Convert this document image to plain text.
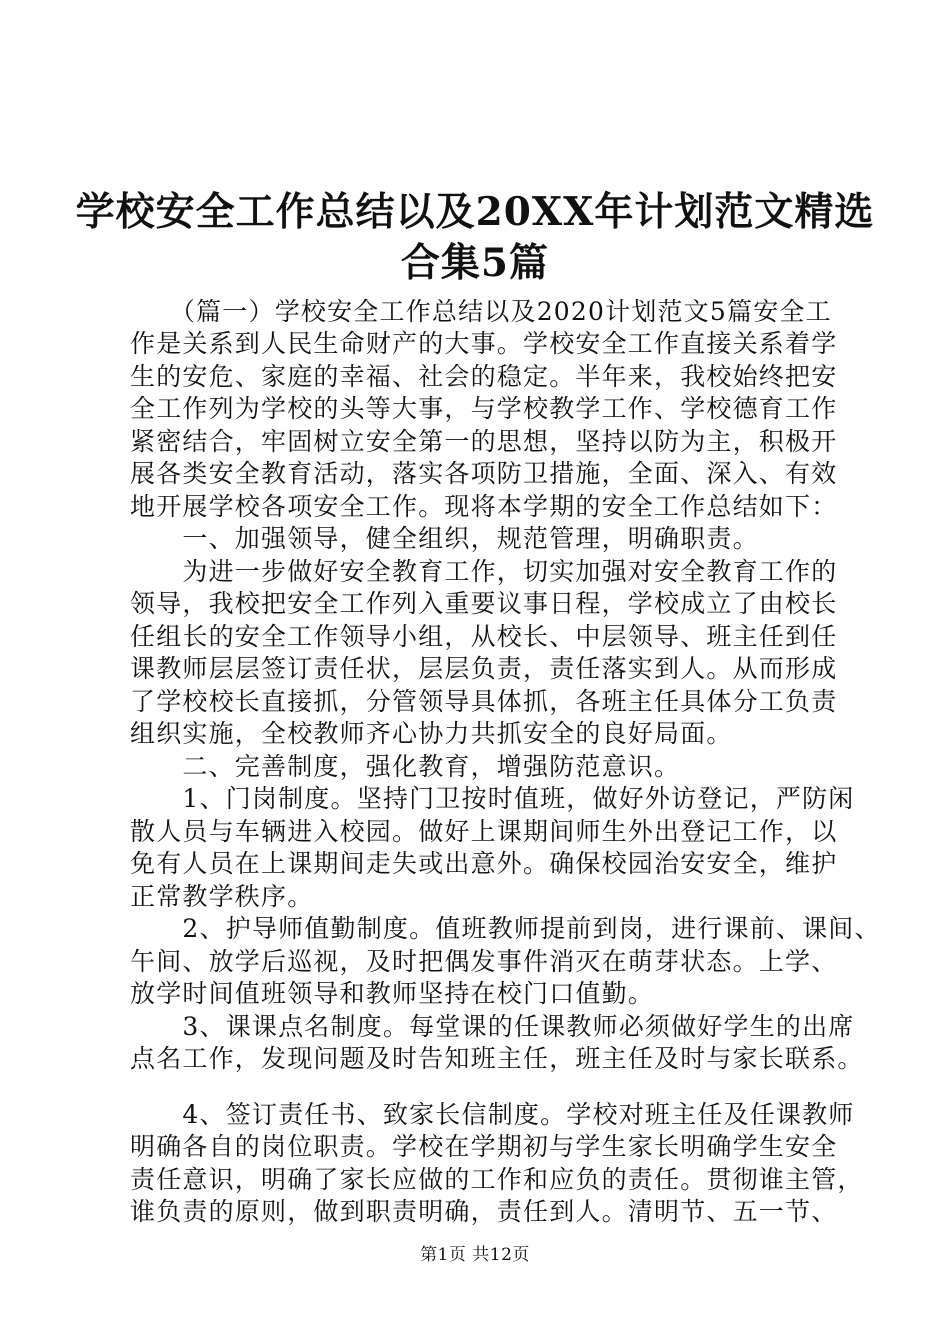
学校安全工作总结以及20XX年计划范文精选
合集5篇
　　（篇一）学校安全工作总结以及2020计划范文5篇安全工
作是关系到人民生命财产的大事。学校安全工作直接关系着学
生的安危、家庭的幸福、社会的稳定。半年来，我校始终把安
全工作列为学校的头等大事，与学校教学工作、学校德育工作
紧密结合，牢固树立安全第一的思想，坚持以防为主，积极开
展各类安全教育活动，落实各项防卫措施，全面、深入、有效
地开展学校各项安全工作。现将本学期的安全工作总结如下：
　　一、加强领导，健全组织，规范管理，明确职责。
　　为进一步做好安全教育工作，切实加强对安全教育工作的
领导，我校把安全工作列入重要议事日程，学校成立了由校长
任组长的安全工作领导小组，从校长、中层领导、班主任到任
课教师层层签订责任状，层层负责，责任落实到人。从而形成
了学校校长直接抓，分管领导具体抓，各班主任具体分工负责
组织实施，全校教师齐心协力共抓安全的良好局面。
　　二、完善制度，强化教育，增强防范意识。
　　1、门岗制度。坚持门卫按时值班，做好外访登记，严防闲
散人员与车辆进入校园。做好上课期间师生外出登记工作，以
免有人员在上课期间走失或出意外。确保校园治安安全，维护
正常教学秩序。
　　2、护导师值勤制度。值班教师提前到岗，进行课前、课间、
午间、放学后巡视，及时把偶发事件消灭在萌芽状态。上学、
放学时间值班领导和教师坚持在校门口值勤。
　　3、课课点名制度。每堂课的任课教师必须做好学生的出席
点名工作，发现问题及时告知班主任，班主任及时与家长联系。
　　4、签订责任书、致家长信制度。学校对班主任及任课教师
明确各自的岗位职责。学校在学期初与学生家长明确学生安全
责任意识，明确了家长应做的工作和应负的责任。贯彻谁主管，
谁负责的原则，做到职责明确，责任到人。清明节、五一节、
第1页 共12页
